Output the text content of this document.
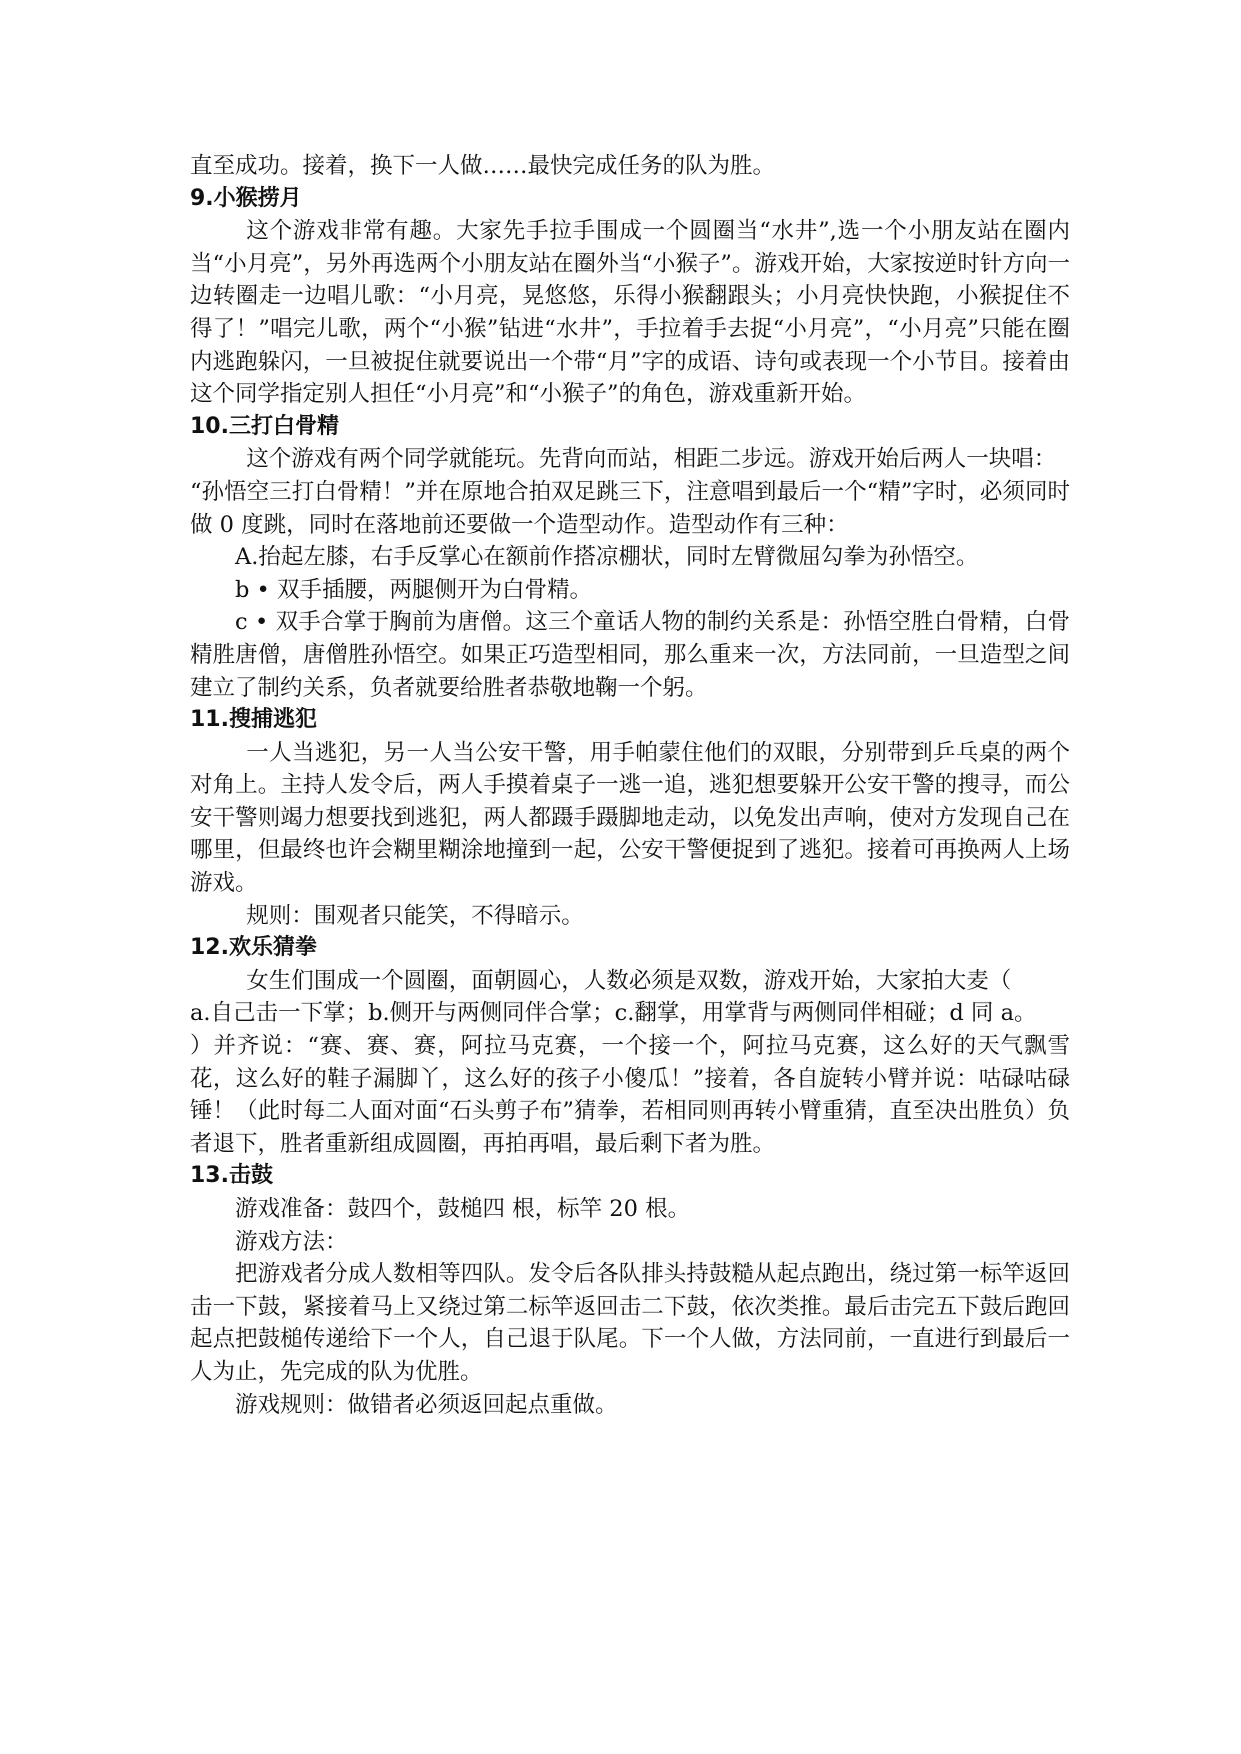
直至成功。接着，换下一人做……最快完成任务的队为胜。

9.小猴捞月

这个游戏非常有趣。大家先手拉手围成一个圆圈当“水井”,选一个小朋友站在圈内当“小月亮”，另外再选两个小朋友站在圈外当“小猴子”。游戏开始，大家按逆时针方向一边转圈走一边唱儿歌：“小月亮，晃悠悠，乐得小猴翻跟头；小月亮快快跑，小猴捉住不得了！”唱完儿歌，两个“小猴”钻进“水井”，手拉着手去捉“小月亮”，“小月亮”只能在圈内逃跑躲闪，一旦被捉住就要说出一个带“月”字的成语、诗句或表现一个小节目。接着由这个同学指定别人担任“小月亮”和“小猴子”的角色，游戏重新开始。

10.三打白骨精

这个游戏有两个同学就能玩。先背向而站，相距二步远。游戏开始后两人一块唱：

“孙悟空三打白骨精！”并在原地合拍双足跳三下，注意唱到最后一个“精”字时，必须同时做 0 度跳，同时在落地前还要做一个造型动作。造型动作有三种：

A.抬起左膝，右手反掌心在额前作搭凉棚状，同时左臂微屈勾拳为孙悟空。

b • 双手插腰，两腿侧开为白骨精。

c • 双手合掌于胸前为唐僧。这三个童话人物的制约关系是：孙悟空胜白骨精，白骨精胜唐僧，唐僧胜孙悟空。如果正巧造型相同，那么重来一次，方法同前，一旦造型之间建立了制约关系，负者就要给胜者恭敬地鞠一个躬。

11.搜捕逃犯

一人当逃犯，另一人当公安干警，用手帕蒙住他们的双眼，分别带到乒乓桌的两个对角上。主持人发令后，两人手摸着桌子一逃一追，逃犯想要躲开公安干警的搜寻，而公安干警则竭力想要找到逃犯，两人都蹑手蹑脚地走动，以免发出声响，使对方发现自己在哪里，但最终也许会糊里糊涂地撞到一起，公安干警便捉到了逃犯。接着可再换两人上场游戏。

规则：围观者只能笑，不得暗示。

12.欢乐猜拳

女生们围成一个圆圈，面朝圆心，人数必须是双数，游戏开始，大家拍大麦（

a.自己击一下掌；b.侧开与两侧同伴合掌；c.翻掌，用掌背与两侧同伴相碰；d 同 a。

）并齐说：“赛、赛、赛，阿拉马克赛，一个接一个，阿拉马克赛，这么好的天气飘雪花，这么好的鞋子漏脚丫，这么好的孩子小傻瓜！”接着，各自旋转小臂并说：咕碌咕碌锤！（此时每二人面对面“石头剪子布”猜拳，若相同则再转小臂重猜，直至决出胜负）负者退下，胜者重新组成圆圈，再拍再唱，最后剩下者为胜。

13.击鼓

游戏准备：鼓四个，鼓槌四 根，标竿 20 根。

游戏方法：

把游戏者分成人数相等四队。发令后各队排头持鼓糙从起点跑出，绕过第一标竿返回击一下鼓，紧接着马上又绕过第二标竿返回击二下鼓，依次类推。最后击完五下鼓后跑回起点把鼓槌传递给下一个人，自己退于队尾。下一个人做，方法同前，一直进行到最后一人为止，先完成的队为优胜。

游戏规则：做错者必须返回起点重做。
